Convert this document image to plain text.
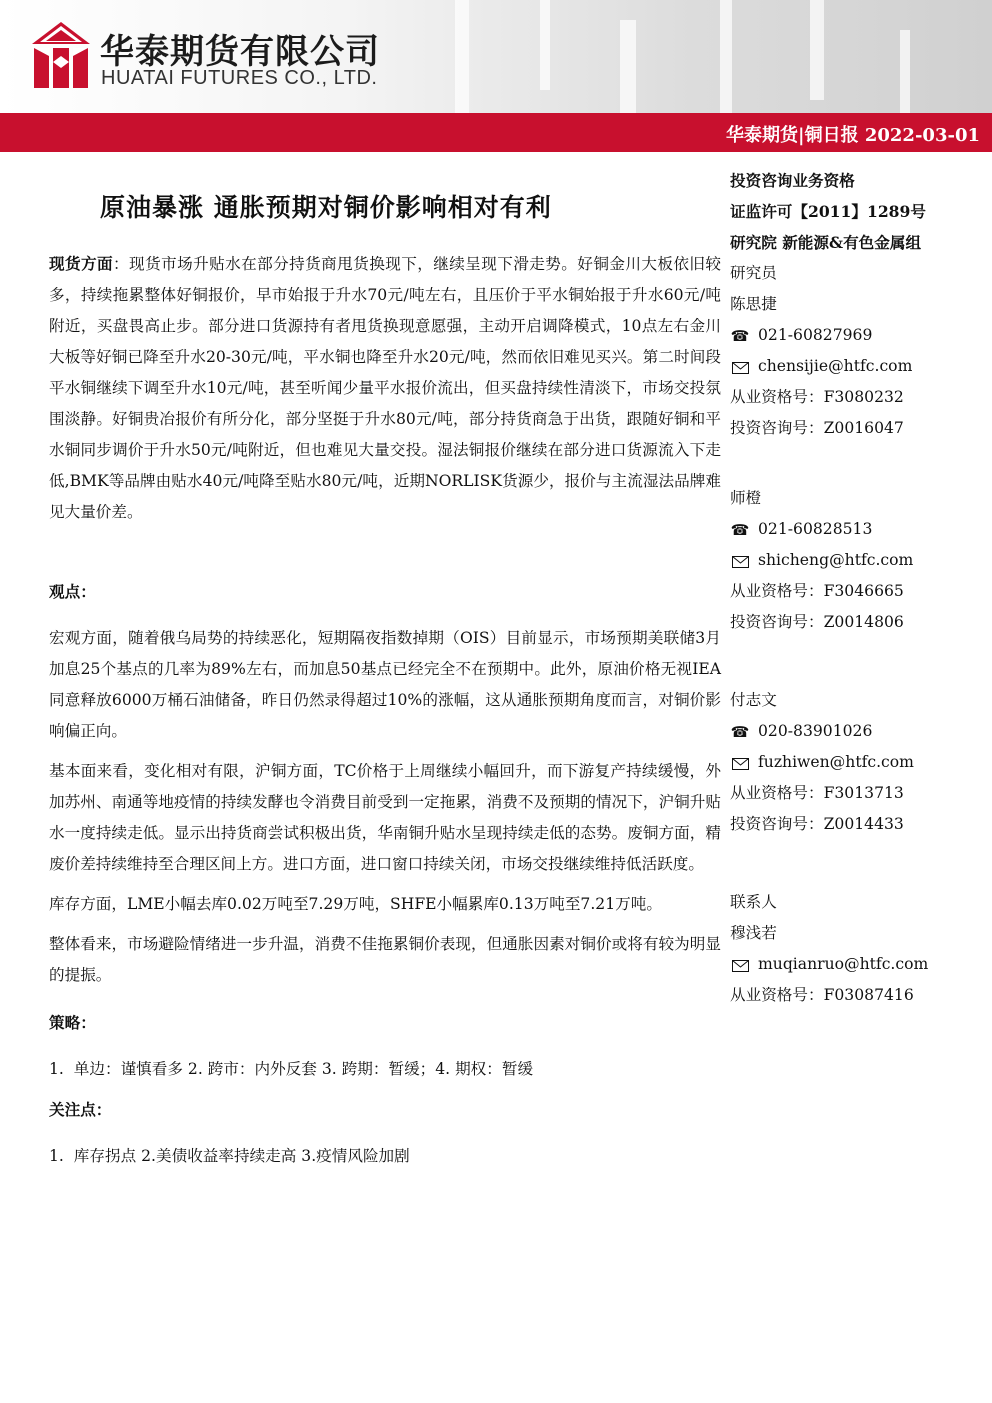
华泰期货有限公司
HUATAI FUTURES CO., LTD.
华泰期货|铜日报 2022-03-01
原油暴涨 通胀预期对铜价影响相对有利

现货方面：现货市场升贴水在部分持货商甩货换现下，继续呈现下滑走势。好铜金川大板依旧较多，持续拖累整体好铜报价，早市始报于升水70元/吨左右，且压价于平水铜始报于升水60元/吨附近，买盘畏高止步。部分进口货源持有者甩货换现意愿强，主动开启调降模式，10点左右金川大板等好铜已降至升水20-30元/吨，平水铜也降至升水20元/吨，然而依旧难见买兴。第二时间段平水铜继续下调至升水10元/吨，甚至听闻少量平水报价流出，但买盘持续性清淡下，市场交投氛围淡静。好铜贵冶报价有所分化，部分坚挺于升水80元/吨，部分持货商急于出货，跟随好铜和平水铜同步调价于升水50元/吨附近，但也难见大量交投。湿法铜报价继续在部分进口货源流入下走低,BMK等品牌由贴水40元/吨降至贴水80元/吨，近期NORLISK货源少，报价与主流湿法品牌难见大量价差。

观点：

宏观方面，随着俄乌局势的持续恶化，短期隔夜指数掉期（OIS）目前显示，市场预期美联储3月加息25个基点的几率为89%左右，而加息50基点已经完全不在预期中。此外，原油价格无视IEA同意释放6000万桶石油储备，昨日仍然录得超过10%的涨幅，这从通胀预期角度而言，对铜价影响偏正向。

基本面来看，变化相对有限，沪铜方面，TC价格于上周继续小幅回升，而下游复产持续缓慢，外加苏州、南通等地疫情的持续发酵也令消费目前受到一定拖累，消费不及预期的情况下，沪铜升贴水一度持续走低。显示出持货商尝试积极出货，华南铜升贴水呈现持续走低的态势。废铜方面，精废价差持续维持至合理区间上方。进口方面，进口窗口持续关闭，市场交投继续维持低活跃度。

库存方面，LME小幅去库0.02万吨至7.29万吨，SHFE小幅累库0.13万吨至7.21万吨。

整体看来，市场避险情绪进一步升温，消费不佳拖累铜价表现，但通胀因素对铜价或将有较为明显的提振。

策略：

1.  单边：谨慎看多 2. 跨市：内外反套 3. 跨期：暂缓；4. 期权：暂缓

关注点：

1.  库存拐点 2.美债收益率持续走高 3.疫情风险加剧

投资咨询业务资格
证监许可【2011】1289号
研究院 新能源&有色金属组
研究员
陈思捷
☎ 021-60827969
chensijie@htfc.com
从业资格号：F3080232
投资咨询号：Z0016047
师橙
☎ 021-60828513
shicheng@htfc.com
从业资格号：F3046665
投资咨询号：Z0014806
付志文
☎ 020-83901026
fuzhiwen@htfc.com
从业资格号：F3013713
投资咨询号：Z0014433
联系人
穆浅若
muqianruo@htfc.com
从业资格号：F03087416
